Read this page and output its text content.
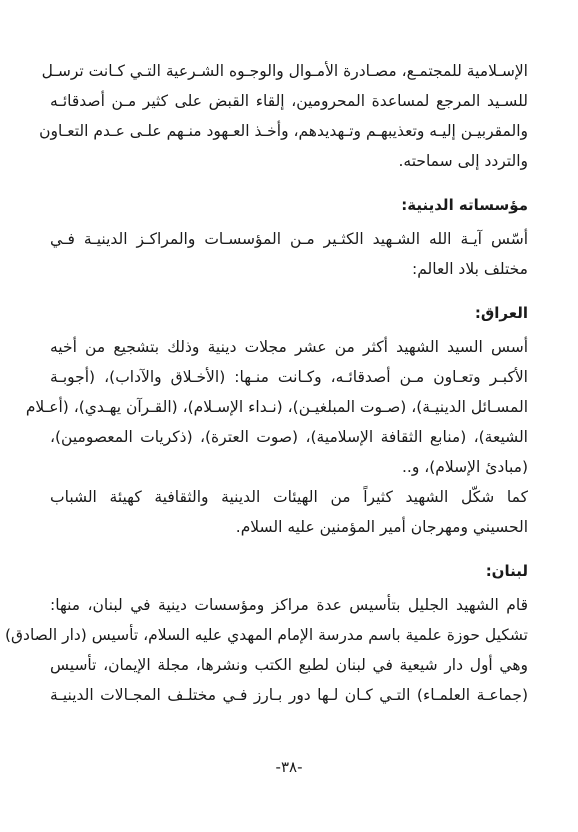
الإسـلامية للمجتمـع، مصـادرة الأمـوال والوجـوه الشـرعية التـي كـانت ترسـل
للسـيد المرجع لمساعدة المحرومين، إلقاء القبض على كثير مـن أصدقائـه
والمقربيـن إليـه وتعذيبهـم وتـهديدهم، وأخـذ العـهود منـهم علـى عـدم التعـاون
والتردد إلى سماحته.

مؤسساته الدينية:

أسّس آيـة الله الشـهيد الكثـير مـن المؤسسـات والمراكـز الدينيـة فـي
مختلف بلاد العالم:

العراق:

أسس السيد الشهيد أكثر من عشر مجلات دينية وذلك بتشجيع من أخيه
الأكبـر وتعـاون مـن أصدقائـه، وكـانت منـها: (الأخـلاق والآداب)، (أجوبـة
المسـائل الدينيـة)، (صـوت المبلغيـن)، (نـداء الإسـلام)، (القـرآن يهـدي)، (أعـلام
الشيعة)، (منابع الثقافة الإسلامية)، (صوت العترة)، (ذكريات المعصومين)،
(مبادئ الإسلام)، و..

كما شكّل الشهيد كثيراً من الهيئات الدينية والثقافية كهيئة الشباب
الحسيني ومهرجان أمير المؤمنين عليه السلام.

لبنان:

قام الشهيد الجليل بتأسيس عدة مراكز ومؤسسات دينية في لبنان، منها:
تشكيل حوزة علمية باسم مدرسة الإمام المهدي عليه السلام، تأسيس (دار الصادق)
وهي أول دار شيعية في لبنان لطبع الكتب ونشرها، مجلة الإيمان، تأسيس
(جماعـة العلمـاء) التـي كـان لـها دور بـارز فـي مختلـف المجـالات الدينيـة

-٣٨-
